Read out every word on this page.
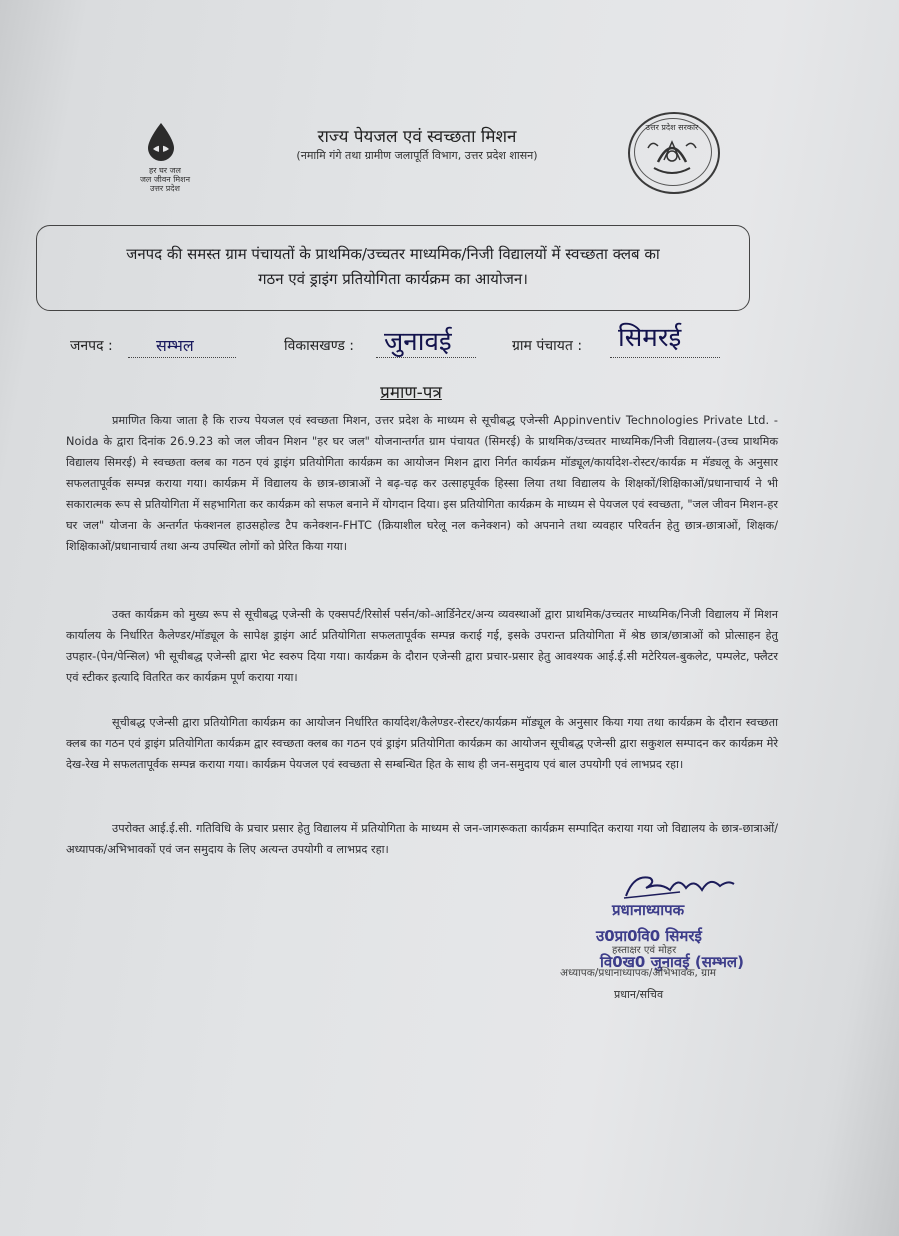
हर घर जल
जल जीवन मिशन
उत्तर प्रदेश
राज्य पेयजल एवं स्वच्छता मिशन
(नमामि गंगे तथा ग्रामीण जलापूर्ति विभाग, उत्तर प्रदेश शासन)
उत्तर प्रदेश सरकार
जनपद की समस्त ग्राम पंचायतों के प्राथमिक/उच्चतर माध्यमिक/निजी विद्यालयों में स्वच्छता क्लब का
गठन एवं ड्राइंग प्रतियोगिता कार्यक्रम का आयोजन।
जनपद :	सम्भल	विकासखण्ड : जुनावई	ग्राम पंचायत : सिमरई
प्रमाण-पत्र

प्रमाणित किया जाता है कि राज्य पेयजल एवं स्वच्छता मिशन, उत्तर प्रदेश के माध्यम से सूचीबद्ध एजेन्सी Appinventiv Technologies Private Ltd. - Noida के द्वारा दिनांक 26.9.23 को जल जीवन मिशन "हर घर जल" योजनान्तर्गत ग्राम पंचायत (सिमरई) के प्राथमिक/उच्चतर माध्यमिक/निजी विद्यालय-(उच्च प्राथमिक विद्यालय सिमरई) मे स्वच्छता क्लब का गठन एवं ड्राइंग प्रतियोगिता कार्यक्रम का आयोजन मिशन द्वारा निर्गत कार्यक्रम मॉड्यूल/कार्यादेश-रोस्टर/कार्यक्र म मॅड्यलू के अनुसार सफलतापूर्वक सम्पन्न कराया गया। कार्यक्रम में विद्यालय के छात्र-छात्राओं ने बढ़-चढ़ कर उत्साहपूर्वक हिस्सा लिया तथा विद्यालय के शिक्षकों/शिक्षिकाओं/प्रधानाचार्य ने भी सकारात्मक रूप से प्रतियोगिता में सहभागिता कर कार्यक्रम को सफल बनाने में योगदान दिया। इस प्रतियोगिता कार्यक्रम के माध्यम से पेयजल एवं स्वच्छता, "जल जीवन मिशन-हर घर जल" योजना के अन्तर्गत फंक्शनल हाउसहोल्ड टैप कनेक्शन-FHTC (क्रियाशील घरेलू नल कनेक्शन) को अपनाने तथा व्यवहार परिवर्तन हेतु छात्र-छात्राओं, शिक्षक/शिक्षिकाओं/प्रधानाचार्य तथा अन्य उपस्थित लोगों को प्रेरित किया गया।

उक्त कार्यक्रम को मुख्य रूप से सूचीबद्ध एजेन्सी के एक्सपर्ट/रिसोर्स पर्सन/को-आर्डिनेटर/अन्य व्यवस्थाओं द्वारा प्राथमिक/उच्चतर माध्यमिक/निजी विद्यालय में मिशन कार्यालय के निर्धारित कैलेण्डर/मॉड्यूल के सापेक्ष ड्राइंग आर्ट प्रतियोगिता सफलतापूर्वक सम्पन्न कराई गई, इसके उपरान्त प्रतियोगिता में श्रेष्ठ छात्र/छात्राओं को प्रोत्साहन हेतु उपहार-(पेन/पेन्सिल) भी सूचीबद्ध एजेन्सी द्वारा भेट स्वरुप दिया गया। कार्यक्रम के दौरान एजेन्सी द्वारा प्रचार-प्रसार हेतु आवश्यक आई.ई.सी मटेरियल-बुकलेट, पम्पलेट, फ्लैटर एवं स्टीकर इत्यादि वितरित कर कार्यक्रम पूर्ण कराया गया।

सूचीबद्ध एजेन्सी द्वारा प्रतियोगिता कार्यक्रम का आयोजन निर्धारित कार्यादेश/कैलेण्डर-रोस्टर/कार्यक्रम मॉड्यूल के अनुसार किया गया तथा कार्यक्रम के दौरान स्वच्छता क्लब का गठन एवं ड्राइंग प्रतियोगिता कार्यक्रम द्वार स्वच्छता क्लब का गठन एवं ड्राइंग प्रतियोगिता कार्यक्रम का आयोजन सूचीबद्ध एजेन्सी द्वारा सकुशल सम्पादन कर कार्यक्रम मेरे देख-रेख मे सफलतापूर्वक सम्पन्न कराया गया। कार्यक्रम पेयजल एवं स्वच्छता से सम्बन्धित हित के साथ ही जन-समुदाय एवं बाल उपयोगी एवं लाभप्रद रहा।

उपरोक्त आई.ई.सी. गतिविधि के प्रचार प्रसार हेतु विद्यालय में प्रतियोगिता के माध्यम से जन-जागरूकता कार्यक्रम सम्पादित कराया गया जो विद्यालय के छात्र-छात्राओं/अध्यापक/अभिभावकों एवं जन समुदाय के लिए अत्यन्त उपयोगी व लाभप्रद रहा।

प्रधानाध्यापक
उ0प्रा0वि0 सिमरई
हस्ताक्षर एवं मोहर
वि0ख0 जुनावई (सम्भल)
अध्यापक/प्रधानाध्यापक/अभिभावक, ग्राम
प्रधान/सचिव
